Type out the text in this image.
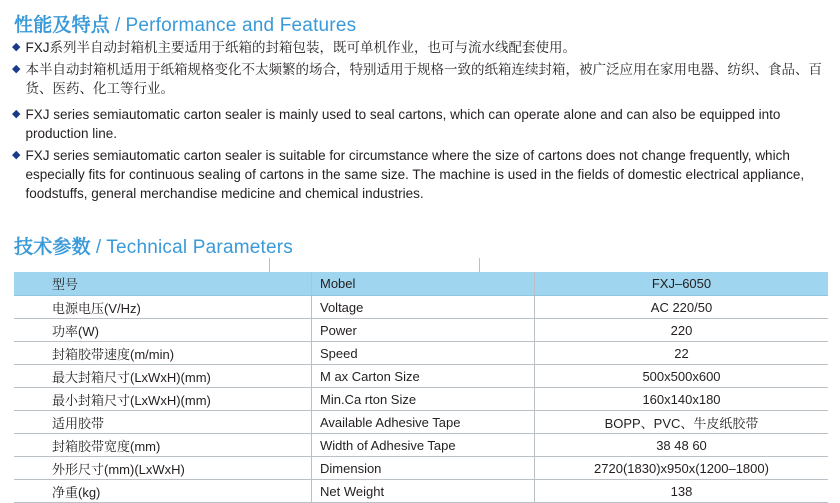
性能及特点 / Performance and Features
◆ FXJ系列半自动封箱机主要适用于纸箱的封箱包装，既可单机作业，也可与流水线配套使用。
◆ 本半自动封箱机适用于纸箱规格变化不太频繁的场合，特别适用于规格一致的纸箱连续封箱，被广泛应用在家用电器、纺织、食品、百货、医药、化工等行业。
◆ FXJ series semiautomatic carton sealer is mainly used to seal cartons, which can operate alone and can also be equipped into production line.
◆ FXJ series semiautomatic carton sealer is suitable for circumstance where the size of cartons does not change frequently, which especially fits for continuous sealing of cartons in the same size. The machine is used in the fields of domestic electrical appliance, foodstuffs, general merchandise medicine and chemical industries.
技术参数 / Technical Parameters
型号	Mobel	FXJ–6050
电源电压(V/Hz)	Voltage	AC 220/50
功率(W)	Power	220
封箱胶带速度(m/min)	Speed	22
最大封箱尺寸(LxWxH)(mm)	M ax Carton Size	500x500x600
最小封箱尺寸(LxWxH)(mm)	Min.Ca rton Size	160x140x180
适用胶带	Available Adhesive Tape	BOPP、PVC、牛皮纸胶带
封箱胶带宽度(mm)	Width of Adhesive Tape	38 48 60
外形尺寸(mm)(LxWxH)	Dimension	2720(1830)x950x(1200–1800)
净重(kg)	Net Weight	138
